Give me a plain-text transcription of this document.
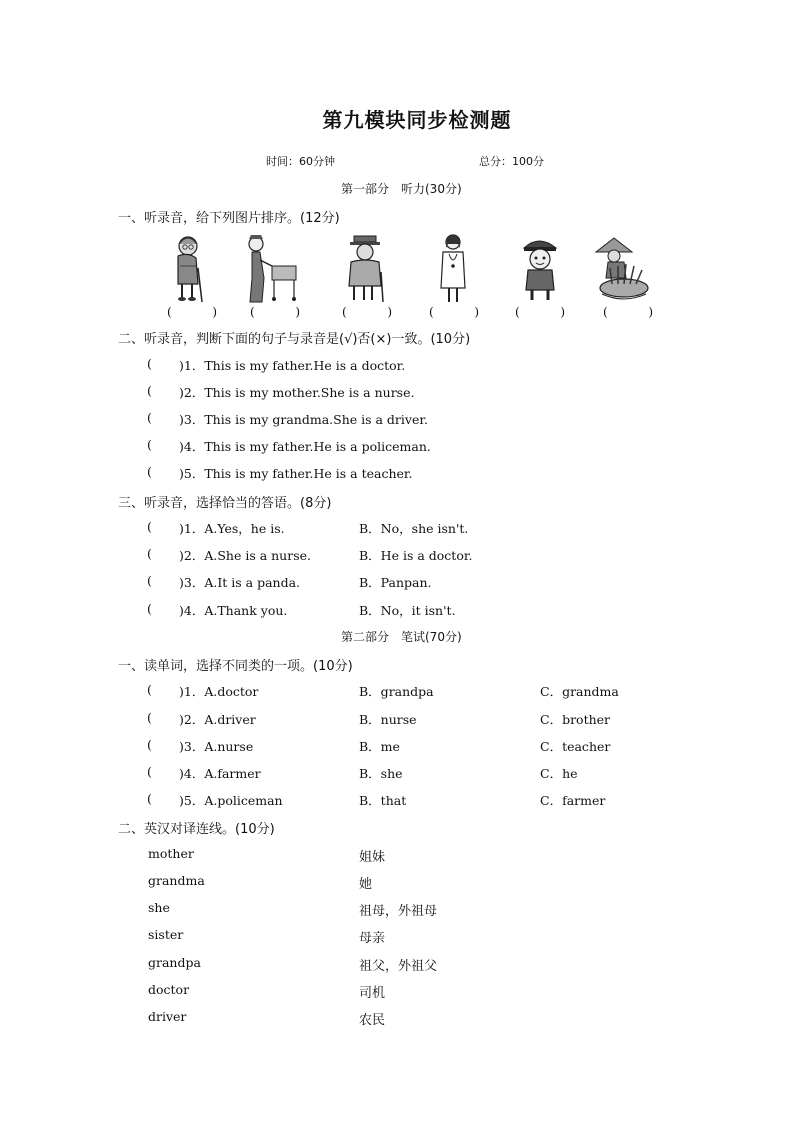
第九模块同步检测题
时间：60分钟	总分：100分
第一部分　听力(30分)
一、听录音，给下列图片排序。(12分)
(	)	(	)	(	)	(	)	(	)	(	)
二、听录音，判断下面的句子与录音是(√)否(×)一致。(10分)
( )1．This is my father.He is a doctor.
( )2．This is my mother.She is a nurse.
( )3．This is my grandma.She is a driver.
( )4．This is my father.He is a policeman.
( )5．This is my father.He is a teacher.
三、听录音，选择恰当的答语。(8分)
( )1．A.Yes，he is.	B．No，she isn't.
( )2．A.She is a nurse.	B．He is a doctor.
( )3．A.It is a panda.	B．Panpan.
( )4．A.Thank you.	B．No，it isn't.
第二部分　笔试(70分)
一、读单词，选择不同类的一项。(10分)
( )1．A.doctor	B．grandpa	C．grandma
( )2．A.driver	B．nurse	C．brother
( )3．A.nurse	B．me	C．teacher
( )4．A.farmer	B．she	C．he
( )5．A.policeman	B．that	C．farmer
二、英汉对译连线。(10分)
mother	姐妹
grandma	她
she	祖母，外祖母
sister	母亲
grandpa	祖父，外祖父
doctor	司机
driver	农民
